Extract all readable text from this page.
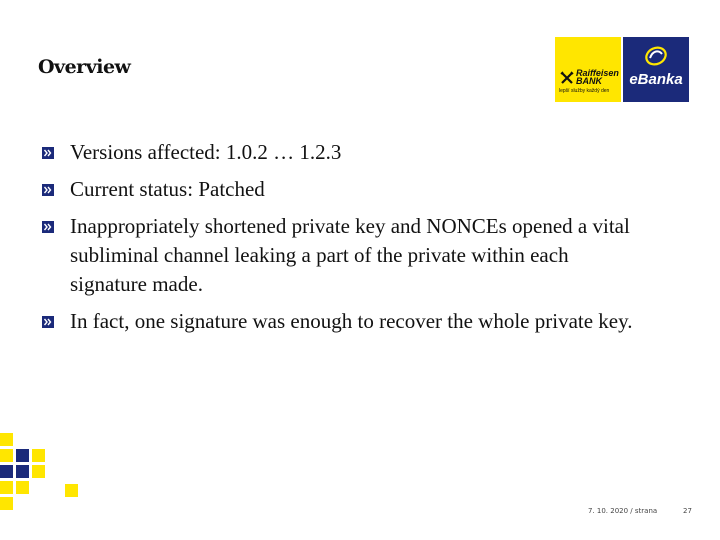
Overview	Raiffeisen
BANK
lepší služby každý den
eBanka
Versions affected: 1.0.2 … 1.2.3
Current status: Patched
Inappropriately shortened private key and NONCEs opened a vital subliminal channel leaking a part of the private within each signature made.
In fact, one signature was enough to recover the whole private key.
7. 10. 2020 / strana	27
